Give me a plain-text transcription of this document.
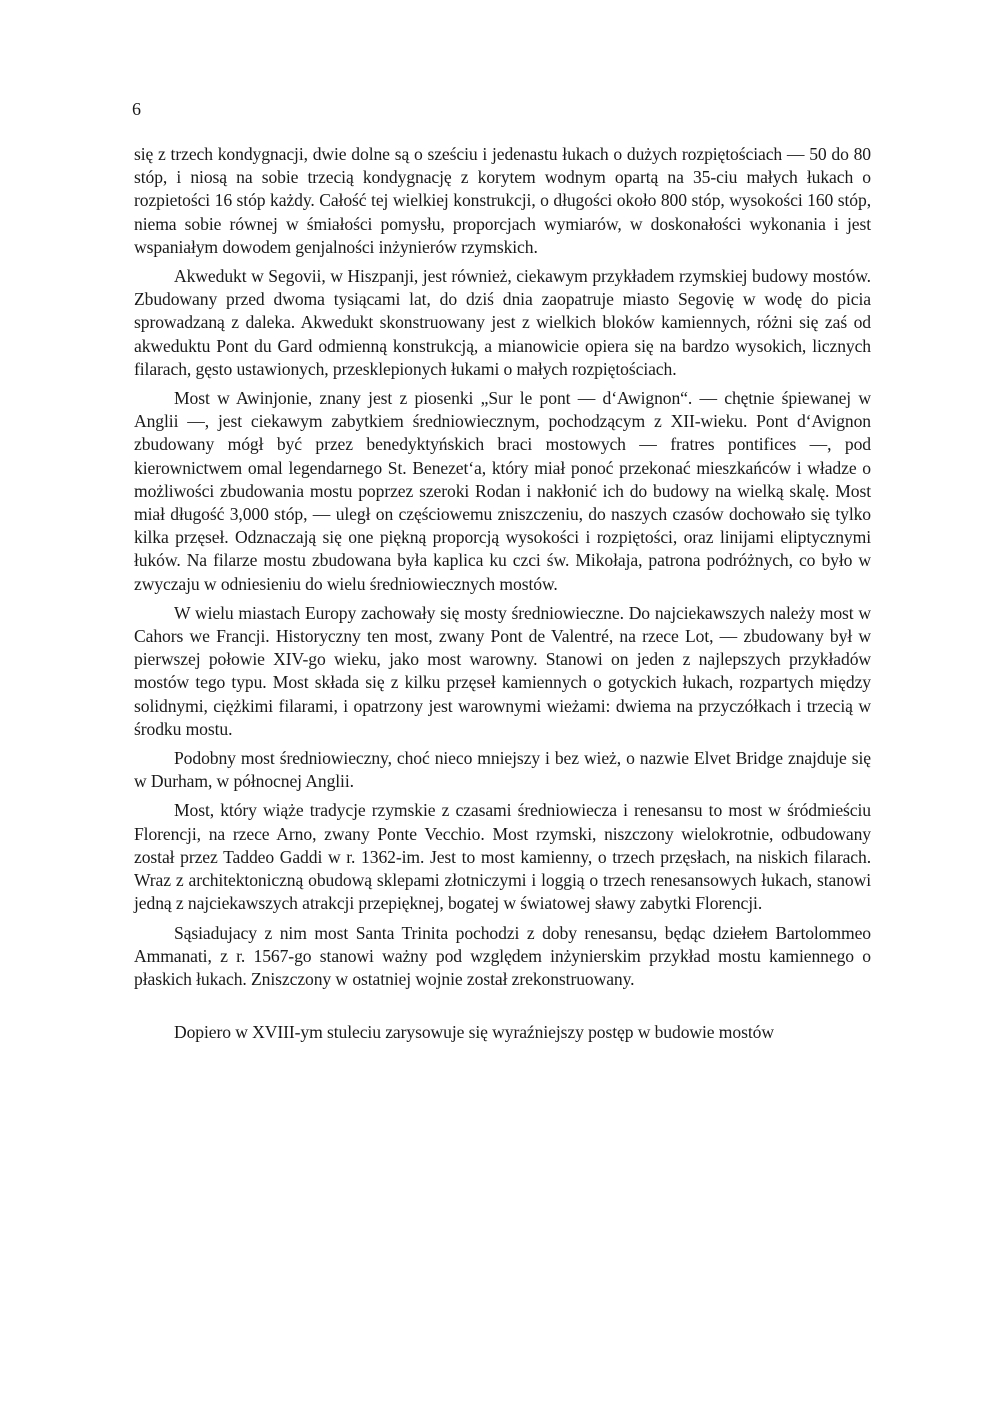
6

się z trzech kondygnacji, dwie dolne są o sześciu i jedenastu łukach o dużych rozpiętościach — 50 do 80 stóp, i niosą na sobie trzecią kondygnację z korytem wodnym opartą na 35-ciu małych łukach o rozpietości 16 stóp każdy. Całość tej wielkiej konstrukcji, o długości około 800 stóp, wysokości 160 stóp, niema sobie równej w śmiałości pomysłu, proporcjach wymiarów, w doskonałości wykonania i jest wspaniałym dowodem genjalności inżynierów rzymskich.

Akwedukt w Segovii, w Hiszpanji, jest również, ciekawym przykładem rzymskiej budowy mostów. Zbudowany przed dwoma tysiącami lat, do dziś dnia zaopatruje miasto Segovię w wodę do picia sprowadzaną z daleka. Akwedukt skonstruowany jest z wielkich bloków kamiennych, różni się zaś od akweduktu Pont du Gard odmienną konstrukcją, a mianowicie opiera się na bardzo wysokich, licznych filarach, gęsto ustawionych, przesklepionych łukami o małych rozpiętościach.

Most w Awinjonie, znany jest z piosenki „Sur le pont — d‘Awignon“. — chętnie śpiewanej w Anglii —, jest ciekawym zabytkiem średniowiecznym, pochodzącym z XII-wieku. Pont d‘Avignon zbudowany mógł być przez benedyktyńskich braci mostowych — fratres pontifices —, pod kierownictwem omal legendarnego St. Benezet‘a, który miał ponoć przekonać mieszkańców i władze o możliwości zbudowania mostu poprzez szeroki Rodan i nakłonić ich do budowy na wielką skalę. Most miał długość 3,000 stóp, — uległ on częściowemu zniszczeniu, do naszych czasów dochowało się tylko kilka przęseł. Odznaczają się one piękną proporcją wysokości i rozpiętości, oraz linijami eliptycznymi łuków. Na filarze mostu zbudowana była kaplica ku czci św. Mikołaja, patrona podróżnych, co było w zwyczaju w odniesieniu do wielu średniowiecznych mostów.

W wielu miastach Europy zachowały się mosty średniowieczne. Do najciekawszych należy most w Cahors we Francji. Historyczny ten most, zwany Pont de Valentré, na rzece Lot, — zbudowany był w pierwszej połowie XIV-go wieku, jako most warowny. Stanowi on jeden z najlepszych przykładów mostów tego typu. Most składa się z kilku przęseł kamiennych o gotyckich łukach, rozpartych między solidnymi, ciężkimi filarami, i opatrzony jest warownymi wieżami: dwiema na przyczółkach i trzecią w środku mostu.

Podobny most średniowieczny, choć nieco mniejszy i bez wież, o nazwie Elvet Bridge znajduje się w Durham, w północnej Anglii.

Most, który wiąże tradycje rzymskie z czasami średniowiecza i renesansu to most w śródmieściu Florencji, na rzece Arno, zwany Ponte Vecchio. Most rzymski, niszczony wielokrotnie, odbudowany został przez Taddeo Gaddi w r. 1362-im. Jest to most kamienny, o trzech przęsłach, na niskich filarach. Wraz z architektoniczną obudową sklepami złotniczymi i loggią o trzech renesansowych łukach, stanowi jedną z najciekawszych atrakcji przepięknej, bogatej w światowej sławy zabytki Florencji.

Sąsiadujacy z nim most Santa Trinita pochodzi z doby renesansu, będąc dziełem Bartolommeo Ammanati, z r. 1567-go stanowi ważny pod względem inżynierskim przykład mostu kamiennego o płaskich łukach. Zniszczony w ostatniej wojnie został zrekonstruowany.

Dopiero w XVIII-ym stuleciu zarysowuje się wyraźniejszy postęp w budowie mostów
